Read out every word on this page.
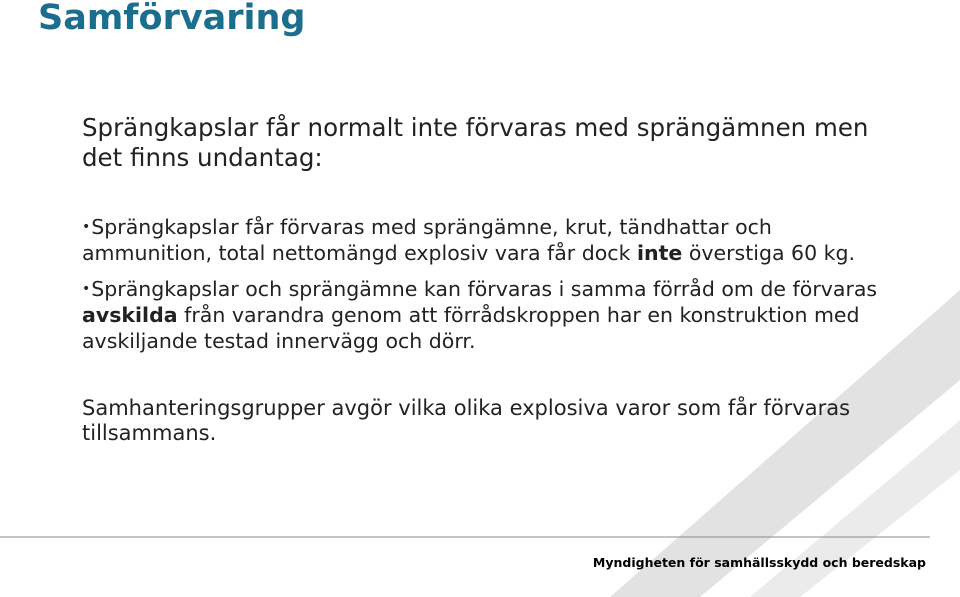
Samförvaring

Sprängkapslar får normalt inte förvaras med sprängämnen men det finns undantag:

•Sprängkapslar får förvaras med sprängämne, krut, tändhattar och ammunition, total nettomängd explosiv vara får dock inte överstiga 60 kg.
•Sprängkapslar och sprängämne kan förvaras i samma förråd om de förvaras avskilda från varandra genom att förrådskroppen har en konstruktion med avskiljande testad innervägg och dörr.

Samhanteringsgrupper avgör vilka olika explosiva varor som får förvaras tillsammans.

Myndigheten för samhällsskydd och beredskap
